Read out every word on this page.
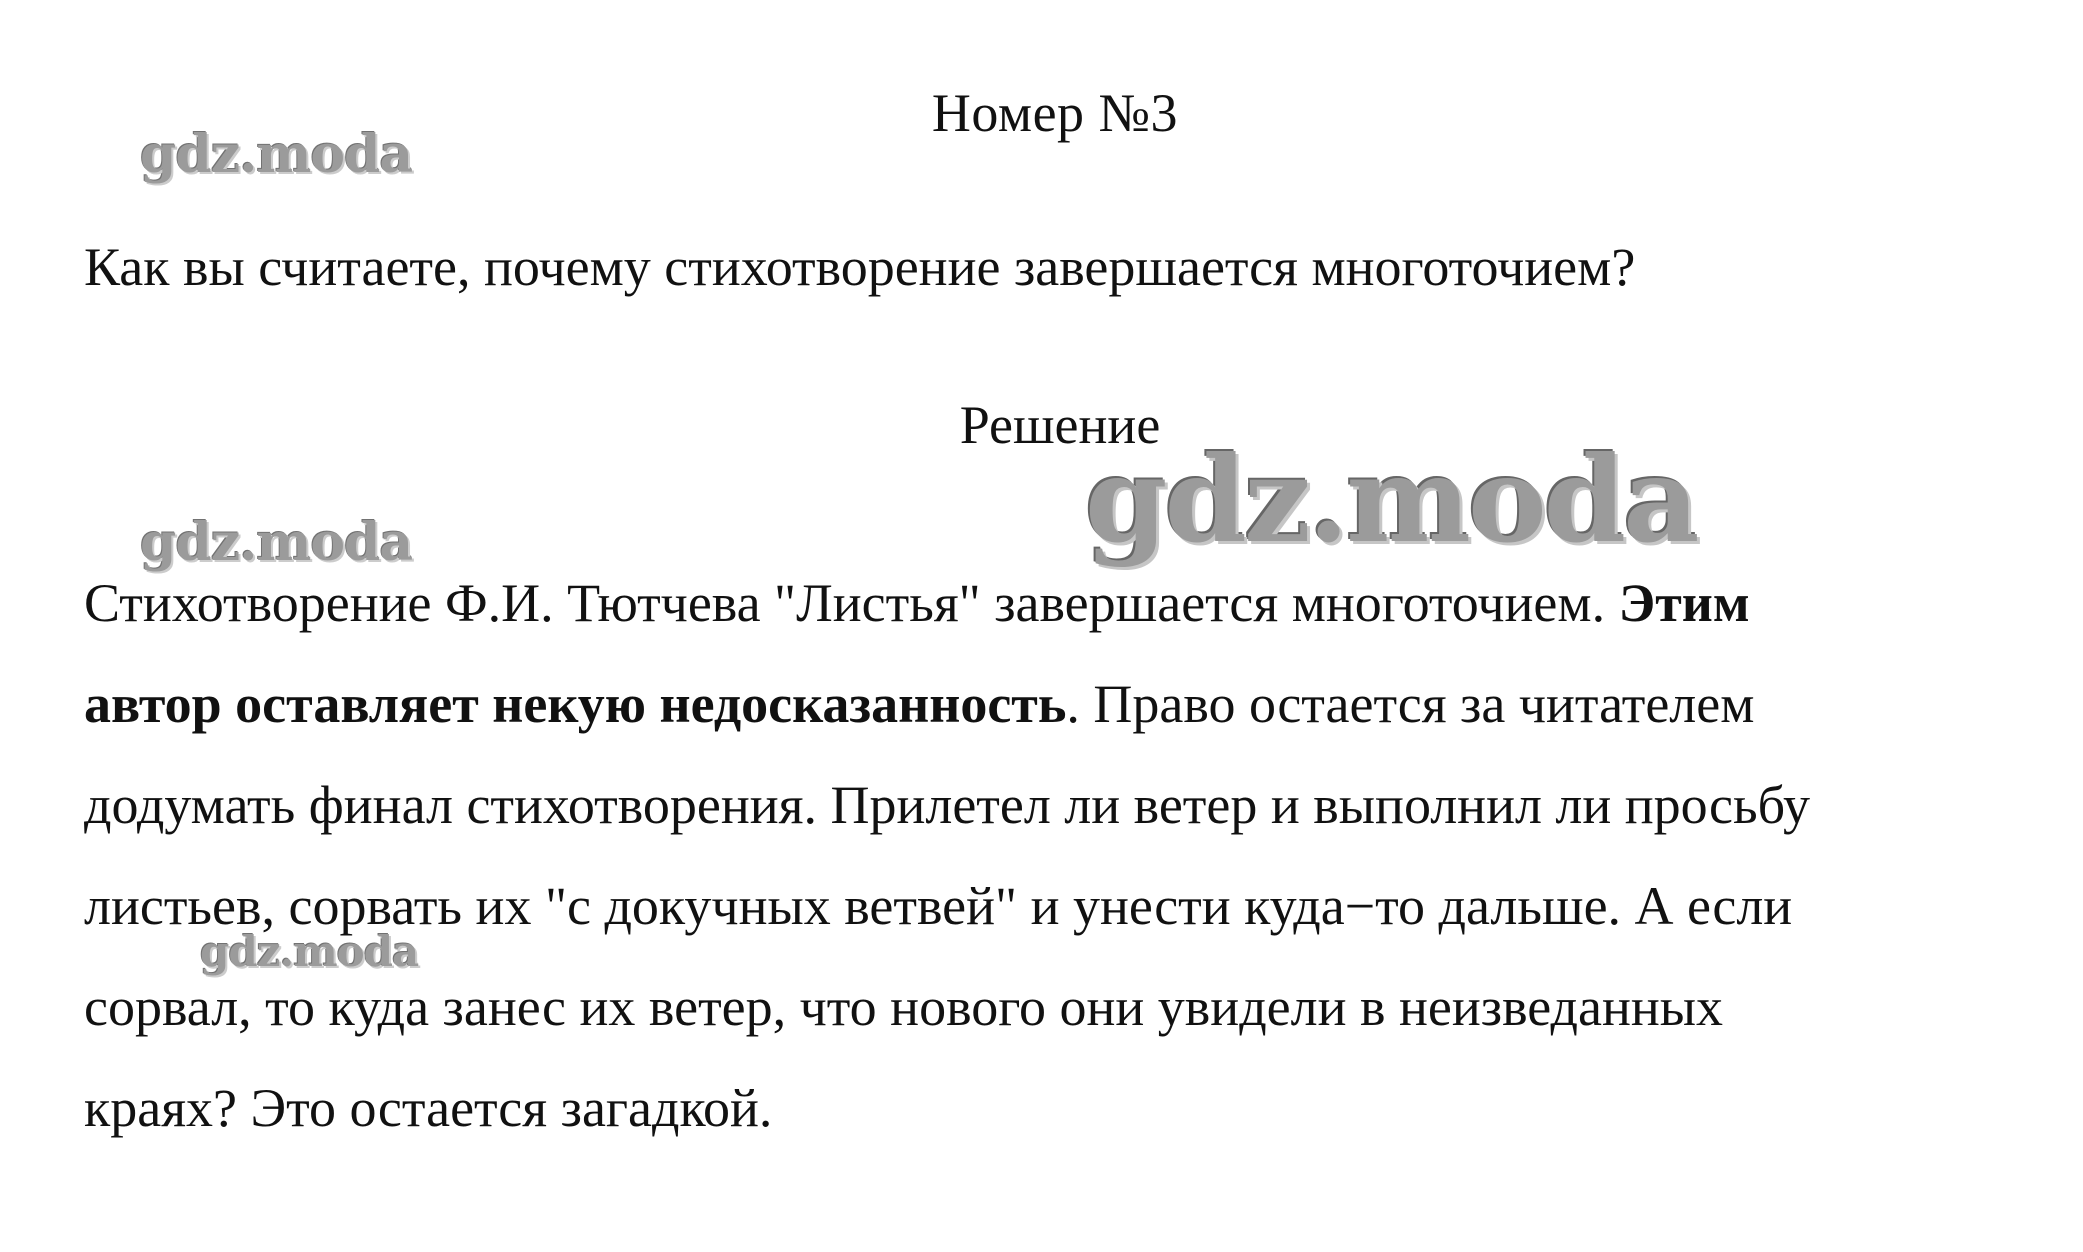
gdz.moda
gdz.moda
gdz.moda
gdz.moda
Номер №3
Как вы считаете, почему стихотворение завершается многоточием?
Решение
Стихотворение Ф.И. Тютчева "Листья" завершается многоточием. Этим
автор оставляет некую недосказанность. Право остается за читателем
додумать финал стихотворения. Прилетел ли ветер и выполнил ли просьбу
листьев, сорвать их "с докучных ветвей" и унести куда−то дальше. А если
сорвал, то куда занес их ветер, что нового они увидели в неизведанных
краях? Это остается загадкой.
